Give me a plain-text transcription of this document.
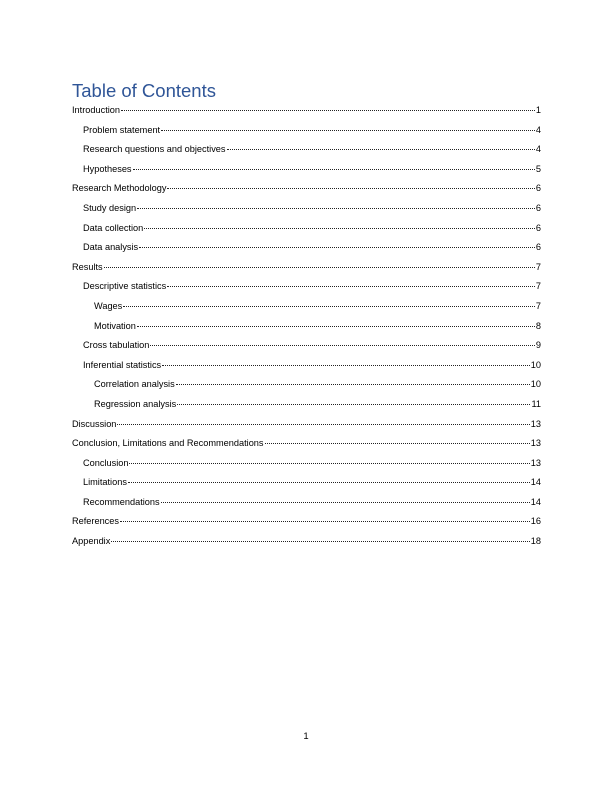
Table of Contents
Introduction	1
Problem statement	4
Research questions and objectives	4
Hypotheses	5
Research Methodology	6
Study design	6
Data collection	6
Data analysis	6
Results	7
Descriptive statistics	7
Wages	7
Motivation	8
Cross tabulation	9
Inferential statistics	10
Correlation analysis	10
Regression analysis	11
Discussion	13
Conclusion, Limitations and Recommendations	13
Conclusion	13
Limitations	14
Recommendations	14
References	16
Appendix	18
1
